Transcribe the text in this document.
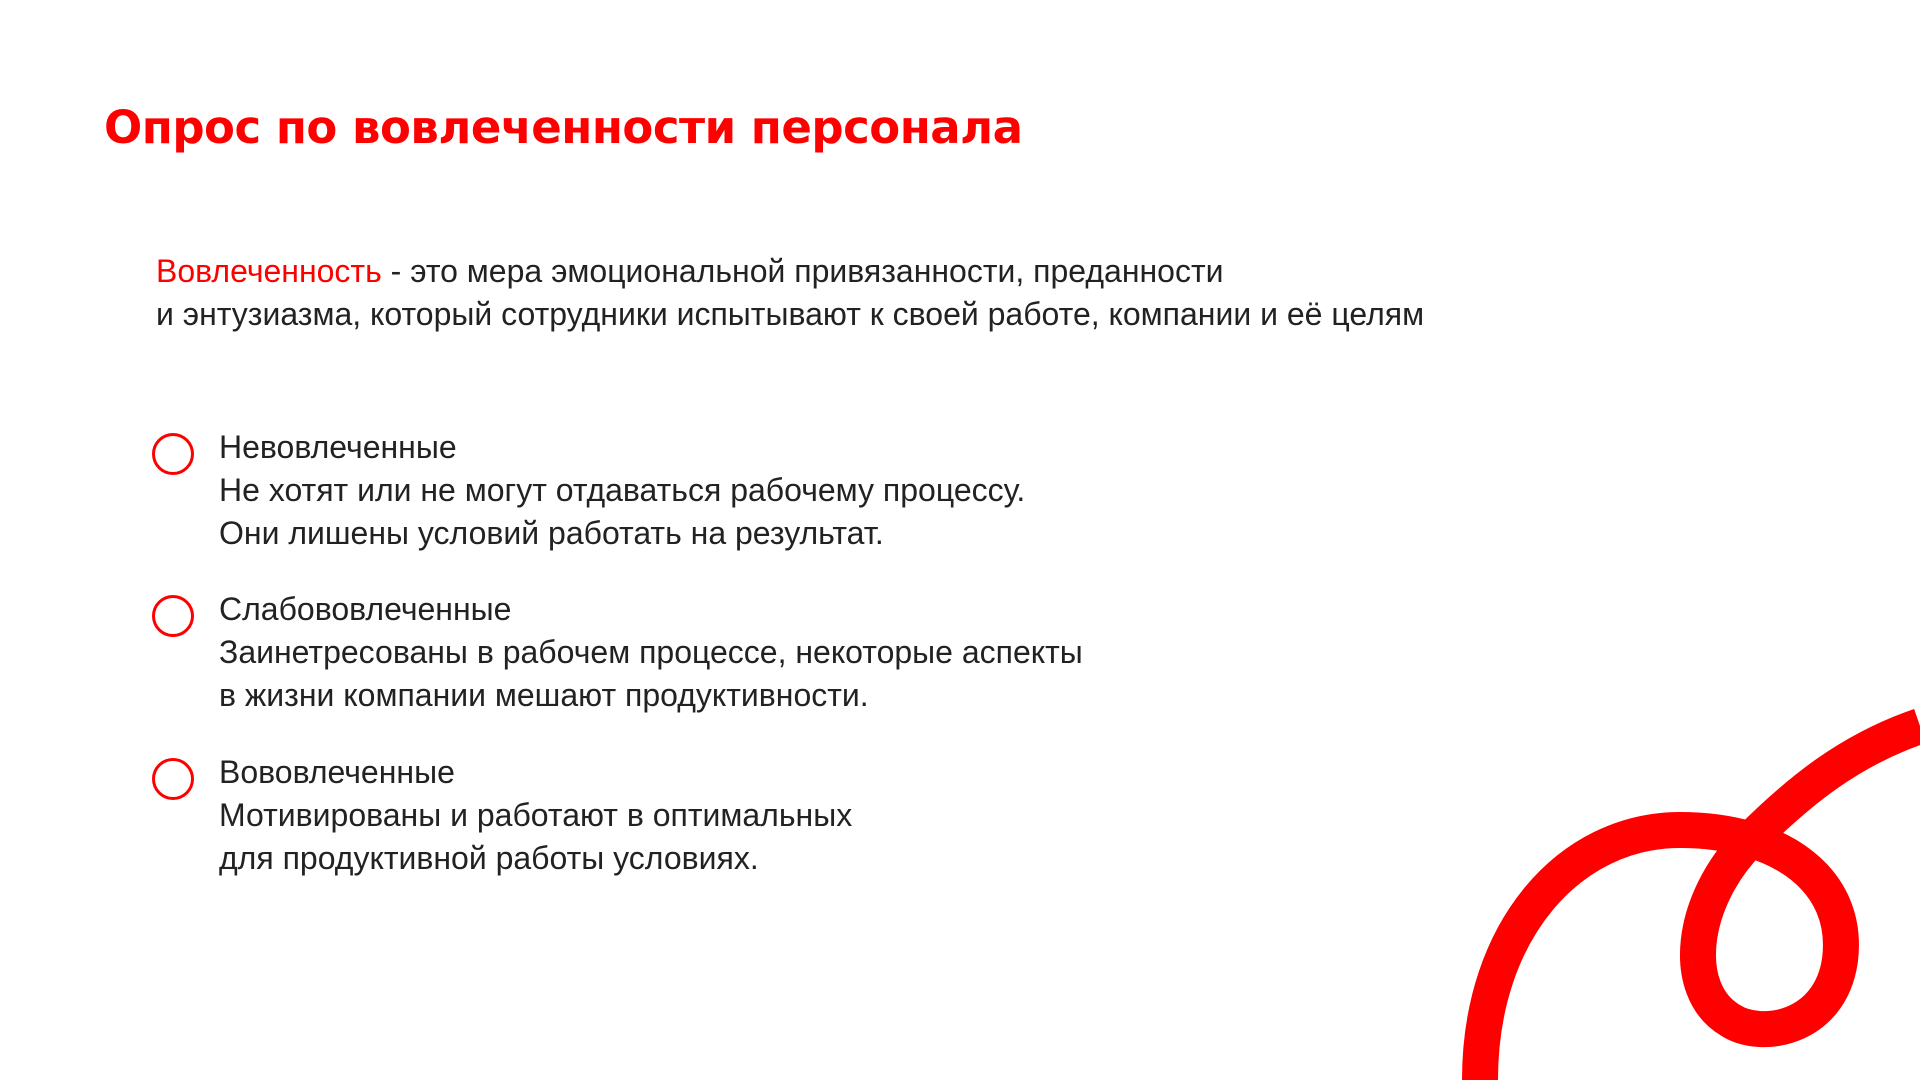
Опрос по вовлеченности персонала

Вовлеченность - это мера эмоциональной привязанности, преданности
и энтузиазма, который сотрудники испытывают к своей работе, компании и её целям

Невовлеченные
Не хотят или не могут отдаваться рабочему процессу.
Они лишены условий работать на результат.
Слабововлеченные
Заинетресованы в рабочем процессе, некоторые аспекты
в жизни компании мешают продуктивности.
Вововлеченные
Мотивированы и работают в оптимальных
для продуктивной работы условиях.
